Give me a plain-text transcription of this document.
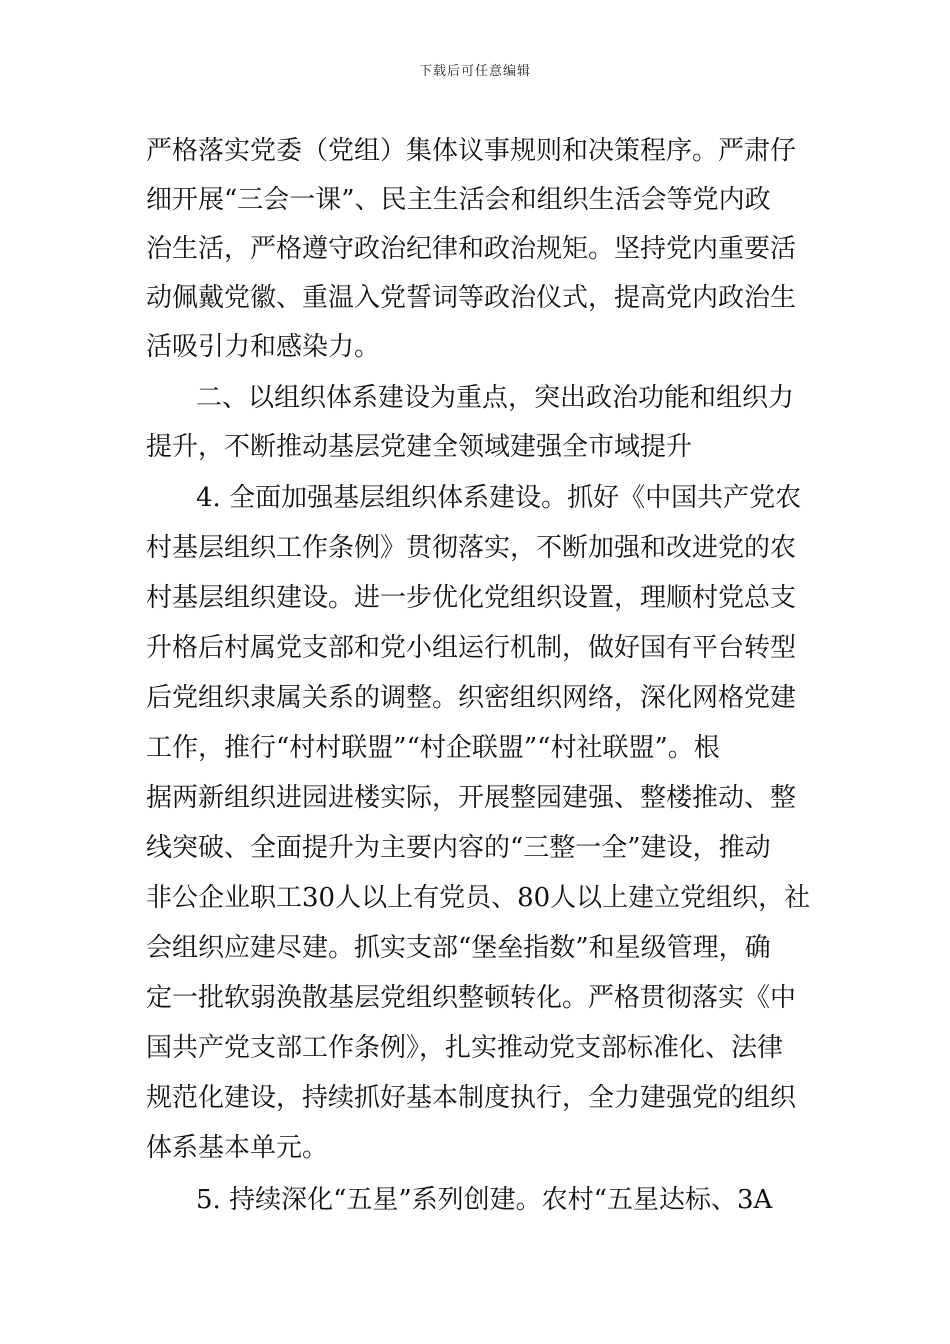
下载后可任意编辑
严格落实党委（党组）集体议事规则和决策程序。严肃仔
细开展“三会一课”、民主生活会和组织生活会等党内政
治生活，严格遵守政治纪律和政治规矩。坚持党内重要活
动佩戴党徽、重温入党誓词等政治仪式，提高党内政治生
活吸引力和感染力。
二、以组织体系建设为重点，突出政治功能和组织力
提升，不断推动基层党建全领域建强全市域提升
4. 全面加强基层组织体系建设。抓好《中国共产党农
村基层组织工作条例》贯彻落实，不断加强和改进党的农
村基层组织建设。进一步优化党组织设置，理顺村党总支
升格后村属党支部和党小组运行机制，做好国有平台转型
后党组织隶属关系的调整。织密组织网络，深化网格党建
工作，推行“村村联盟”“村企联盟”“村社联盟”。根
据两新组织进园进楼实际，开展整园建强、整楼推动、整
线突破、全面提升为主要内容的“三整一全”建设，推动
非公企业职工30人以上有党员、80人以上建立党组织，社
会组织应建尽建。抓实支部“堡垒指数”和星级管理，确
定一批软弱涣散基层党组织整顿转化。严格贯彻落实《中
国共产党支部工作条例》，扎实推动党支部标准化、法律
规范化建设，持续抓好基本制度执行，全力建强党的组织
体系基本单元。
5. 持续深化“五星”系列创建。农村“五星达标、3A
